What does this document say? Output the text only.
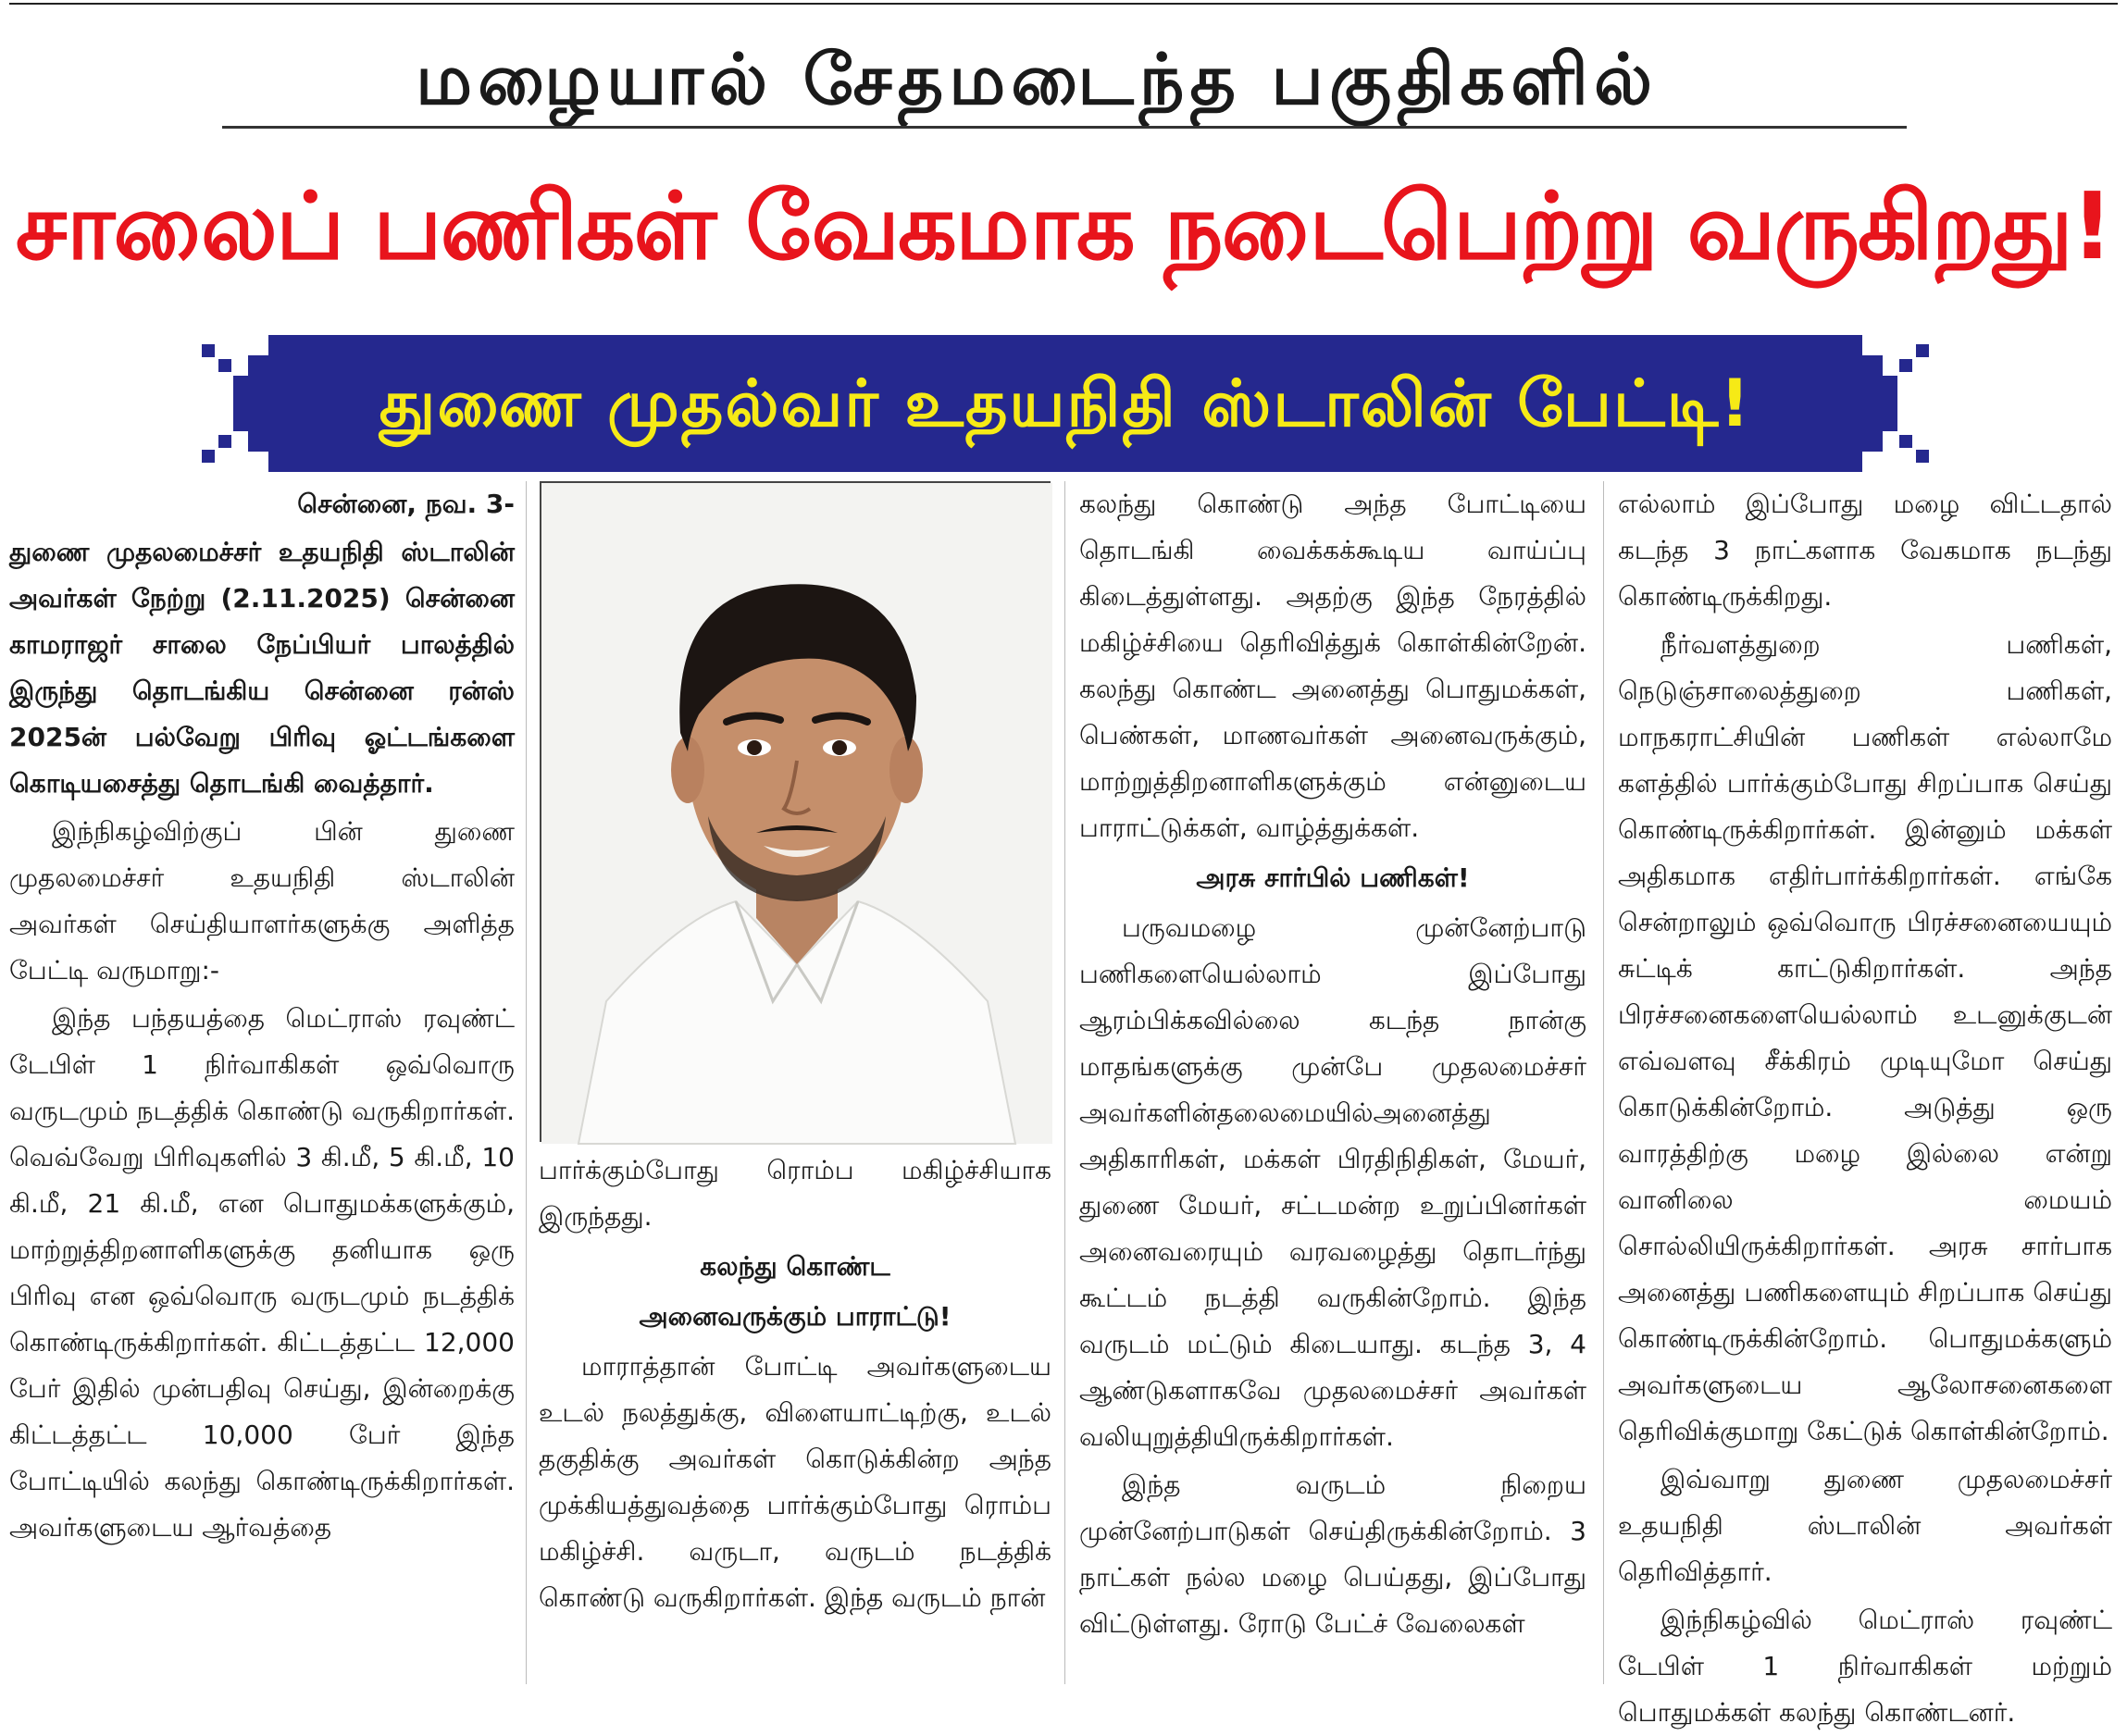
மழையால் சேதமடைந்த பகுதிகளில்
சாலைப் பணிகள் வேகமாக நடைபெற்று வருகிறது!
துணை முதல்வர் உதயநிதி ஸ்டாலின் பேட்டி!

சென்னை, நவ. 3-

துணை முதலமைச்சர் உதயநிதி ஸ்டாலின் அவர்கள் நேற்று (2.11.2025) சென்னை காமராஜர் சாலை நேப்பியர் பாலத்தில் இருந்து தொடங்கிய சென்னை ரன்ஸ் 2025ன் பல்வேறு பிரிவு ஓட்டங்களை கொடியசைத்து தொடங்கி வைத்தார்.

இந்நிகழ்விற்குப் பின் துணை முதலமைச்சர் உதயநிதி ஸ்டாலின் அவர்கள் செய்தியாளர்களுக்கு அளித்த பேட்டி வருமாறு:-

இந்த பந்தயத்தை மெட்ராஸ் ரவுண்ட் டேபிள் 1 நிர்வாகிகள் ஒவ்வொரு வருடமும் நடத்திக் கொண்டு வருகிறார்கள். வெவ்வேறு பிரிவுகளில் 3 கி.மீ, 5 கி.மீ, 10 கி.மீ, 21 கி.மீ, என பொதுமக்களுக்கும், மாற்றுத்திறனாளிகளுக்கு தனியாக ஒரு பிரிவு என ஒவ்வொரு வருடமும் நடத்திக் கொண்டிருக்கிறார்கள். கிட்டத்தட்ட 12,000 பேர் இதில் முன்பதிவு செய்து, இன்றைக்கு கிட்டத்தட்ட 10,000 பேர் இந்த போட்டியில் கலந்து கொண்டிருக்கிறார்கள். அவர்களுடைய ஆர்வத்தை

பார்க்கும்போது ரொம்ப மகிழ்ச்சியாக இருந்தது.

கலந்து கொண்ட
அனைவருக்கும் பாராட்டு!

மாராத்தான் போட்டி அவர்களுடைய உடல் நலத்துக்கு, விளையாட்டிற்கு, உடல் தகுதிக்கு அவர்கள் கொடுக்கின்ற அந்த முக்கியத்துவத்தை பார்க்கும்போது ரொம்ப மகிழ்ச்சி. வருடா, வருடம் நடத்திக் கொண்டு வருகிறார்கள். இந்த வருடம் நான்

கலந்து கொண்டு அந்த போட்டியை தொடங்கி வைக்கக்கூடிய வாய்ப்பு கிடைத்துள்ளது. அதற்கு இந்த நேரத்தில் மகிழ்ச்சியை தெரிவித்துக் கொள்கின்றேன். கலந்து கொண்ட அனைத்து பொதுமக்கள், பெண்கள், மாணவர்கள் அனைவருக்கும், மாற்றுத்திறனாளிகளுக்கும் என்னுடைய பாராட்டுக்கள், வாழ்த்துக்கள்.

அரசு சார்பில் பணிகள்!

பருவமழை முன்னேற்பாடு பணிகளையெல்லாம் இப்போது ஆரம்பிக்கவில்லை கடந்த நான்கு மாதங்களுக்கு முன்பே முதலமைச்சர் அவர்களின்தலைமையில்அனைத்து அதிகாரிகள், மக்கள் பிரதிநிதிகள், மேயர், துணை மேயர், சட்டமன்ற உறுப்பினர்கள் அனைவரையும் வரவழைத்து தொடர்ந்து கூட்டம் நடத்தி வருகின்றோம். இந்த வருடம் மட்டும் கிடையாது. கடந்த 3, 4 ஆண்டுகளாகவே முதலமைச்சர் அவர்கள் வலியுறுத்தியிருக்கிறார்கள்.

இந்த வருடம் நிறைய முன்னேற்பாடுகள் செய்திருக்கின்றோம். 3 நாட்கள் நல்ல மழை பெய்தது, இப்போது விட்டுள்ளது. ரோடு பேட்ச் வேலைகள்

எல்லாம் இப்போது மழை விட்டதால் கடந்த 3 நாட்களாக வேகமாக நடந்து கொண்டிருக்கிறது.

நீர்வளத்துறை பணிகள், நெடுஞ்சாலைத்துறை பணிகள், மாநகராட்சியின் பணிகள் எல்லாமே களத்தில் பார்க்கும்போது சிறப்பாக செய்து கொண்டிருக்கிறார்கள். இன்னும் மக்கள் அதிகமாக எதிர்பார்க்கிறார்கள். எங்கே சென்றாலும் ஒவ்வொரு பிரச்சனையையும் சுட்டிக் காட்டுகிறார்கள். அந்த பிரச்சனைகளையெல்லாம் உடனுக்குடன் எவ்வளவு சீக்கிரம் முடியுமோ செய்து கொடுக்கின்றோம். அடுத்து ஒரு வாரத்திற்கு மழை இல்லை என்று வானிலை மையம் சொல்லியிருக்கிறார்கள். அரசு சார்பாக அனைத்து பணிகளையும் சிறப்பாக செய்து கொண்டிருக்கின்றோம். பொதுமக்களும் அவர்களுடைய ஆலோசனைகளை தெரிவிக்குமாறு கேட்டுக் கொள்கின்றோம்.

இவ்வாறு துணை முதலமைச்சர் உதயநிதி ஸ்டாலின் அவர்கள் தெரிவித்தார்.

இந்நிகழ்வில் மெட்ராஸ் ரவுண்ட் டேபிள் 1 நிர்வாகிகள் மற்றும் பொதுமக்கள் கலந்து கொண்டனர்.
